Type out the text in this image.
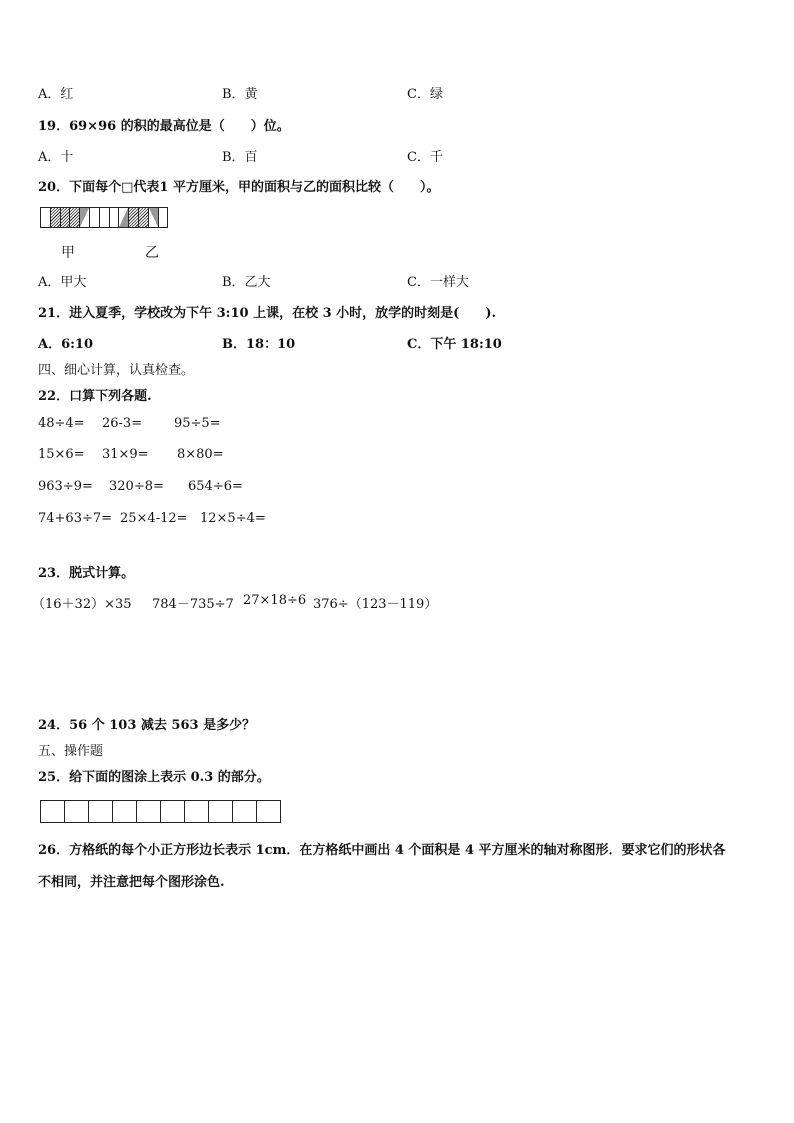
A．红	B．黄	C．绿
19．69×96 的积的最高位是（　　）位。
A．十	B．百	C．千
20．下面每个□代表1 平方厘米，甲的面积与乙的面积比较（　　）。
甲	乙
A．甲大	B．乙大	C．一样大
21．进入夏季，学校改为下午 3:10 上课，在校 3 小时，放学的时刻是(　　).
A．6:10	B．18：10	C．下午 18:10
四、细心计算，认真检查。
22．口算下列各题.
48÷4= 26-3= 95÷5=
15×6= 31×9= 8×80=
963÷9= 320÷8= 654÷6=
74+63÷7= 25×4-12= 12×5÷4=
23．脱式计算。
（16＋32）×35 784－735÷7 27×18÷6 376÷（123－119）
24．56 个 103 减去 563 是多少？
五、操作题
25．给下面的图涂上表示 0.3 的部分。
26．方格纸的每个小正方形边长表示 1cm．在方格纸中画出 4 个面积是 4 平方厘米的轴对称图形．要求它们的形状各
不相同，并注意把每个图形涂色.
